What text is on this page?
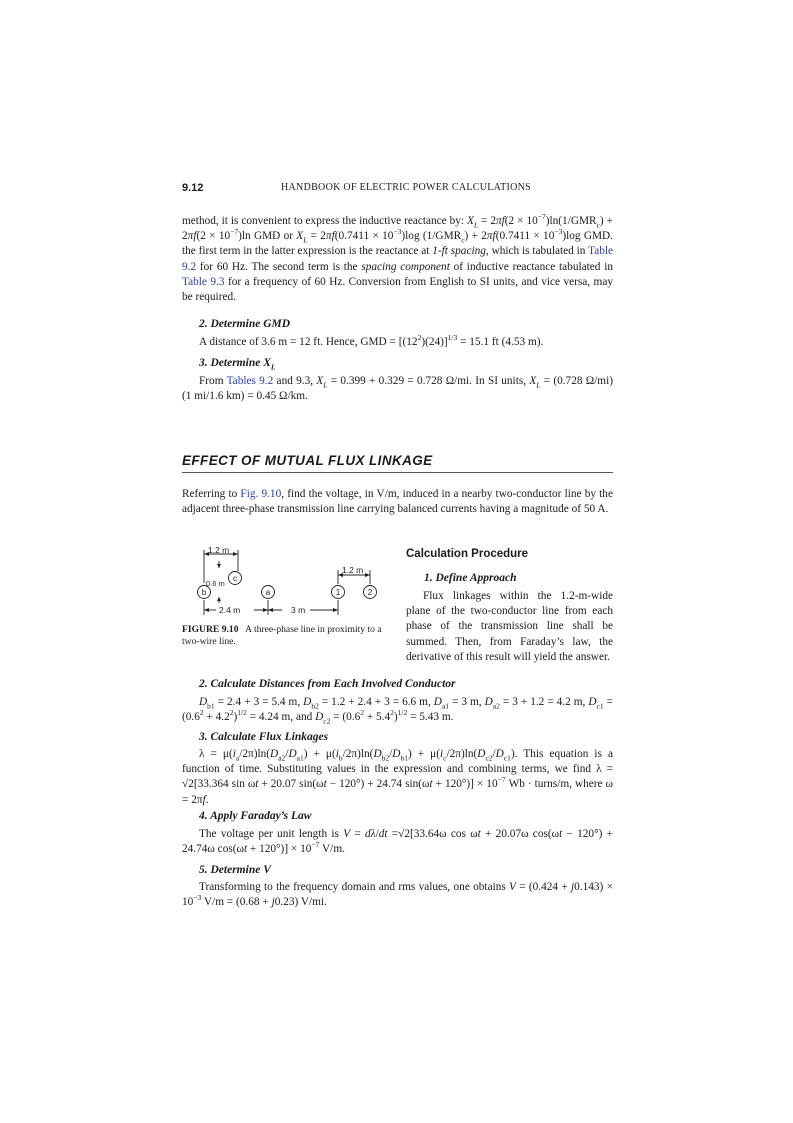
9.12	HANDBOOK OF ELECTRIC POWER CALCULATIONS
method, it is convenient to express the inductive reactance by: $X_L = 2\pi f(2 \times 10^{-7})\ln(1/GMR_c) + 2\pi f(2 \times 10^{-7})\ln$ GMD or $X_L = 2\pi f(0.7411 \times 10^{-3})\log$ $(1/GMR_c) + 2\pi f(0.7411 \times 10^{-3})\log$ GMD. the first term in the latter expression is the reactance at 1-ft spacing, which is tabulated in Table 9.2 for 60 Hz. The second term is the spacing component of inductive reactance tabulated in Table 9.3 for a frequency of 60 Hz. Conversion from English to SI units, and vice versa, may be required.
2. Determine GMD
A distance of 3.6 m = 12 ft. Hence, GMD = $[(12^2)(24)]^{1/3} = 15.1$ ft (4.53 m).
3. Determine $X_L$
From Tables 9.2 and 9.3, $X_L = 0.399 + 0.329 = 0.728$ Ω/mi. In SI units, $X_L = (0.728$ Ω/mi)(1 mi/1.6 km) = 0.45 Ω/km.
EFFECT OF MUTUAL FLUX LINKAGE
Referring to Fig. 9.10, find the voltage, in V/m, induced in a nearby two-conductor line by the adjacent three-phase transmission line carrying balanced currents having a magnitude of 50 A.
1.2 m
0.6 m
2.4 m	3 m
1.2 m
b
c
a	1	2
FIGURE 9.10 A three-phase line in proximity to a two-wire line.
Calculation Procedure
1. Define Approach
Flux linkages within the 1.2-m-wide plane of the two-conductor line from each phase of the transmission line shall be summed. Then, from Faraday’s law, the derivative of this result will yield the answer.
2. Calculate Distances from Each Involved Conductor
$D_{b1} = 2.4 + 3 = 5.4$ m, $D_{b2} = 1.2 + 2.4 + 3 = 6.6$ m, $D_{a1} = 3$ m, $D_{a2} = 3 + 1.2 = 4.2$ m, $D_{c1} = (0.6^2 + 4.2^2)^{1/2} = 4.24$ m, and $D_{c2} = (0.6^2 + 5.4^2)^{1/2} = 5.43$ m.
3. Calculate Flux Linkages
$\lambda = \mu(i_a/2\pi)\ln(D_{a2}/D_{a1}) + \mu(i_b/2\pi)\ln(D_{b2}/D_{b1}) + \mu(i_c/2\pi)\ln(D_{c2}/D_{c1})$. This equation is a function of time. Substituting values in the expression and combining terms, we find λ = √2[33.364 sin ωt + 20.07 sin(ωt − 120°) + 24.74 $\sin(\omega t + 120^\circ)] \times 10^{-7}$ Wb · turns/m, where ω = 2πf.
4. Apply Faraday’s Law
The voltage per unit length is V = dλ/dt =√2[33.64ω cos ωt + 20.07ω cos(ωt − 120°) + 24.74ω $\cos(\omega t + 120^\circ)] \times 10^{-7}$ V/m.
5. Determine V
Transforming to the frequency domain and rms values, one obtains $V = (0.424 + j0.143) \times 10^{-3}$ V/m = (0.68 + j0.23) V/mi.
